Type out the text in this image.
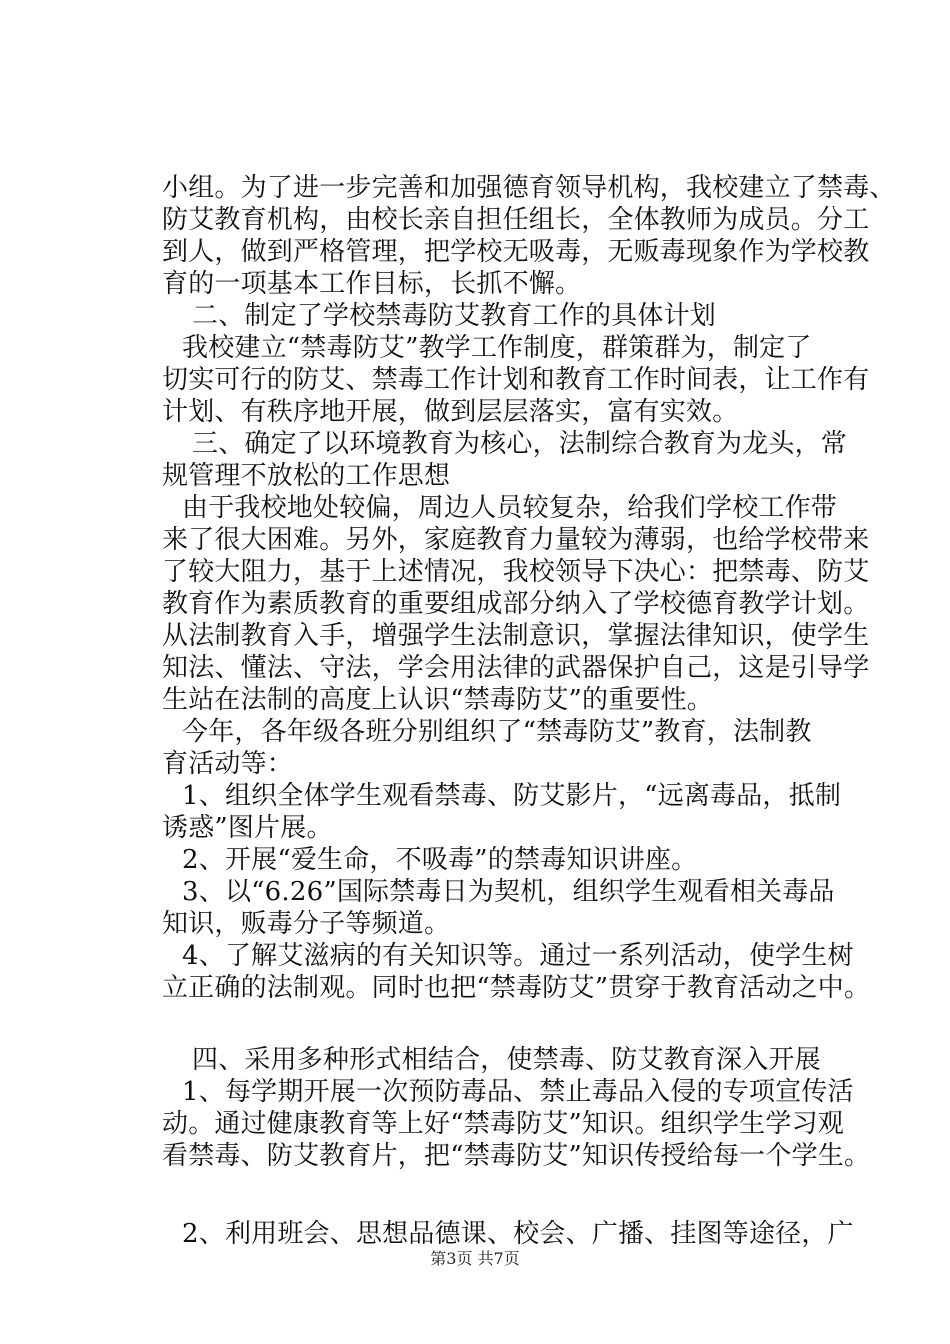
小组。为了进一步完善和加强德育领导机构，我校建立了禁毒、
防艾教育机构，由校长亲自担任组长，全体教师为成员。分工
到人，做到严格管理，把学校无吸毒，无贩毒现象作为学校教
育的一项基本工作目标，长抓不懈。
二、制定了学校禁毒防艾教育工作的具体计划
我校建立“禁毒防艾”教学工作制度，群策群为，制定了
切实可行的防艾、禁毒工作计划和教育工作时间表，让工作有
计划、有秩序地开展，做到层层落实，富有实效。
三、确定了以环境教育为核心，法制综合教育为龙头，常
规管理不放松的工作思想
由于我校地处较偏，周边人员较复杂，给我们学校工作带
来了很大困难。另外，家庭教育力量较为薄弱，也给学校带来
了较大阻力，基于上述情况，我校领导下决心：把禁毒、防艾
教育作为素质教育的重要组成部分纳入了学校德育教学计划。
从法制教育入手，增强学生法制意识，掌握法律知识，使学生
知法、懂法、守法，学会用法律的武器保护自己，这是引导学
生站在法制的高度上认识“禁毒防艾”的重要性。
今年，各年级各班分别组织了“禁毒防艾”教育，法制教
育活动等：
1、组织全体学生观看禁毒、防艾影片，“远离毒品，抵制
诱惑”图片展。
2、开展“爱生命，不吸毒”的禁毒知识讲座。
3、以“6.26”国际禁毒日为契机，组织学生观看相关毒品
知识，贩毒分子等频道。
4、了解艾滋病的有关知识等。通过一系列活动，使学生树
立正确的法制观。同时也把“禁毒防艾”贯穿于教育活动之中。
四、采用多种形式相结合，使禁毒、防艾教育深入开展
1、每学期开展一次预防毒品、禁止毒品入侵的专项宣传活
动。通过健康教育等上好“禁毒防艾”知识。组织学生学习观
看禁毒、防艾教育片，把“禁毒防艾”知识传授给每一个学生。
2、利用班会、思想品德课、校会、广播、挂图等途径，广
第3页 共7页
